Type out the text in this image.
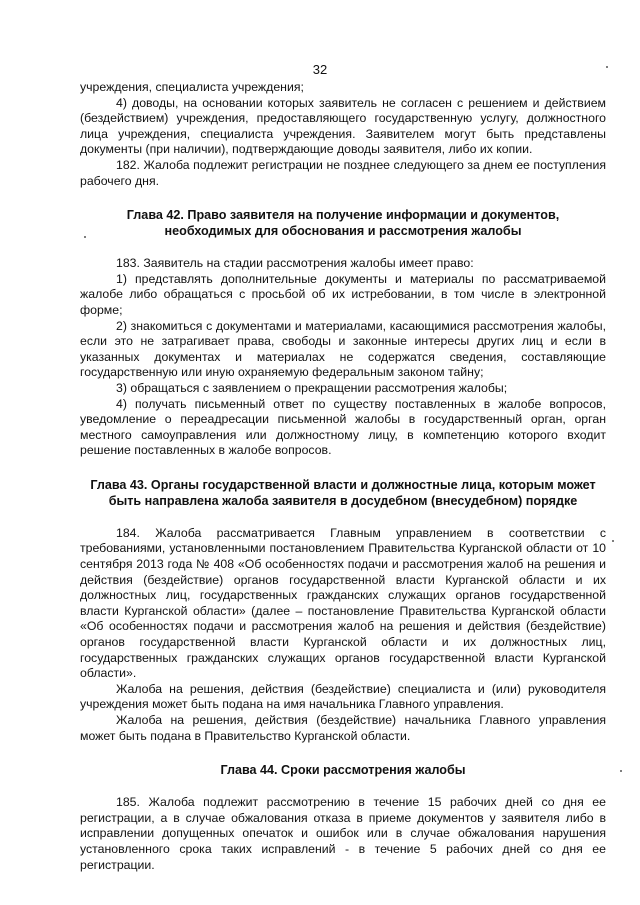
32

учреждения, специалиста учреждения;

4) доводы, на основании которых заявитель не согласен с решением и действием (бездействием) учреждения, предоставляющего государственную услугу, должностного лица учреждения, специалиста учреждения. Заявителем могут быть представлены документы (при наличии), подтверждающие доводы заявителя, либо их копии.

182. Жалоба подлежит регистрации не позднее следующего за днем ее поступления рабочего дня.

Глава 42. Право заявителя на получение информации и документов, необходимых для обоснования и рассмотрения жалобы

183. Заявитель на стадии рассмотрения жалобы имеет право:

1) представлять дополнительные документы и материалы по рассматриваемой жалобе либо обращаться с просьбой об их истребовании, в том числе в электронной форме;

2) знакомиться с документами и материалами, касающимися рассмотрения жалобы, если это не затрагивает права, свободы и законные интересы других лиц и если в указанных документах и материалах не содержатся сведения, составляющие государственную или иную охраняемую федеральным законом тайну;

3) обращаться с заявлением о прекращении рассмотрения жалобы;

4) получать письменный ответ по существу поставленных в жалобе вопросов, уведомление о переадресации письменной жалобы в государственный орган, орган местного самоуправления или должностному лицу, в компетенцию которого входит решение поставленных в жалобе вопросов.

Глава 43. Органы государственной власти и должностные лица, которым может быть направлена жалоба заявителя в досудебном (внесудебном) порядке

184. Жалоба рассматривается Главным управлением в соответствии с требованиями, установленными постановлением Правительства Курганской области от 10 сентября 2013 года № 408 «Об особенностях подачи и рассмотрения жалоб на решения и действия (бездействие) органов государственной власти Курганской области и их должностных лиц, государственных гражданских служащих органов государственной власти Курганской области» (далее – постановление Правительства Курганской области «Об особенностях подачи и рассмотрения жалоб на решения и действия (бездействие) органов государственной власти Курганской области и их должностных лиц, государственных гражданских служащих органов государственной власти Курганской области».

Жалоба на решения, действия (бездействие) специалиста и (или) руководителя учреждения может быть подана на имя начальника Главного управления.

Жалоба на решения, действия (бездействие) начальника Главного управления может быть подана в Правительство Курганской области.

Глава 44. Сроки рассмотрения жалобы

185. Жалоба подлежит рассмотрению в течение 15 рабочих дней со дня ее регистрации, а в случае обжалования отказа в приеме документов у заявителя либо в исправлении допущенных опечаток и ошибок или в случае обжалования нарушения установленного срока таких исправлений - в течение 5 рабочих дней со дня ее регистрации.
